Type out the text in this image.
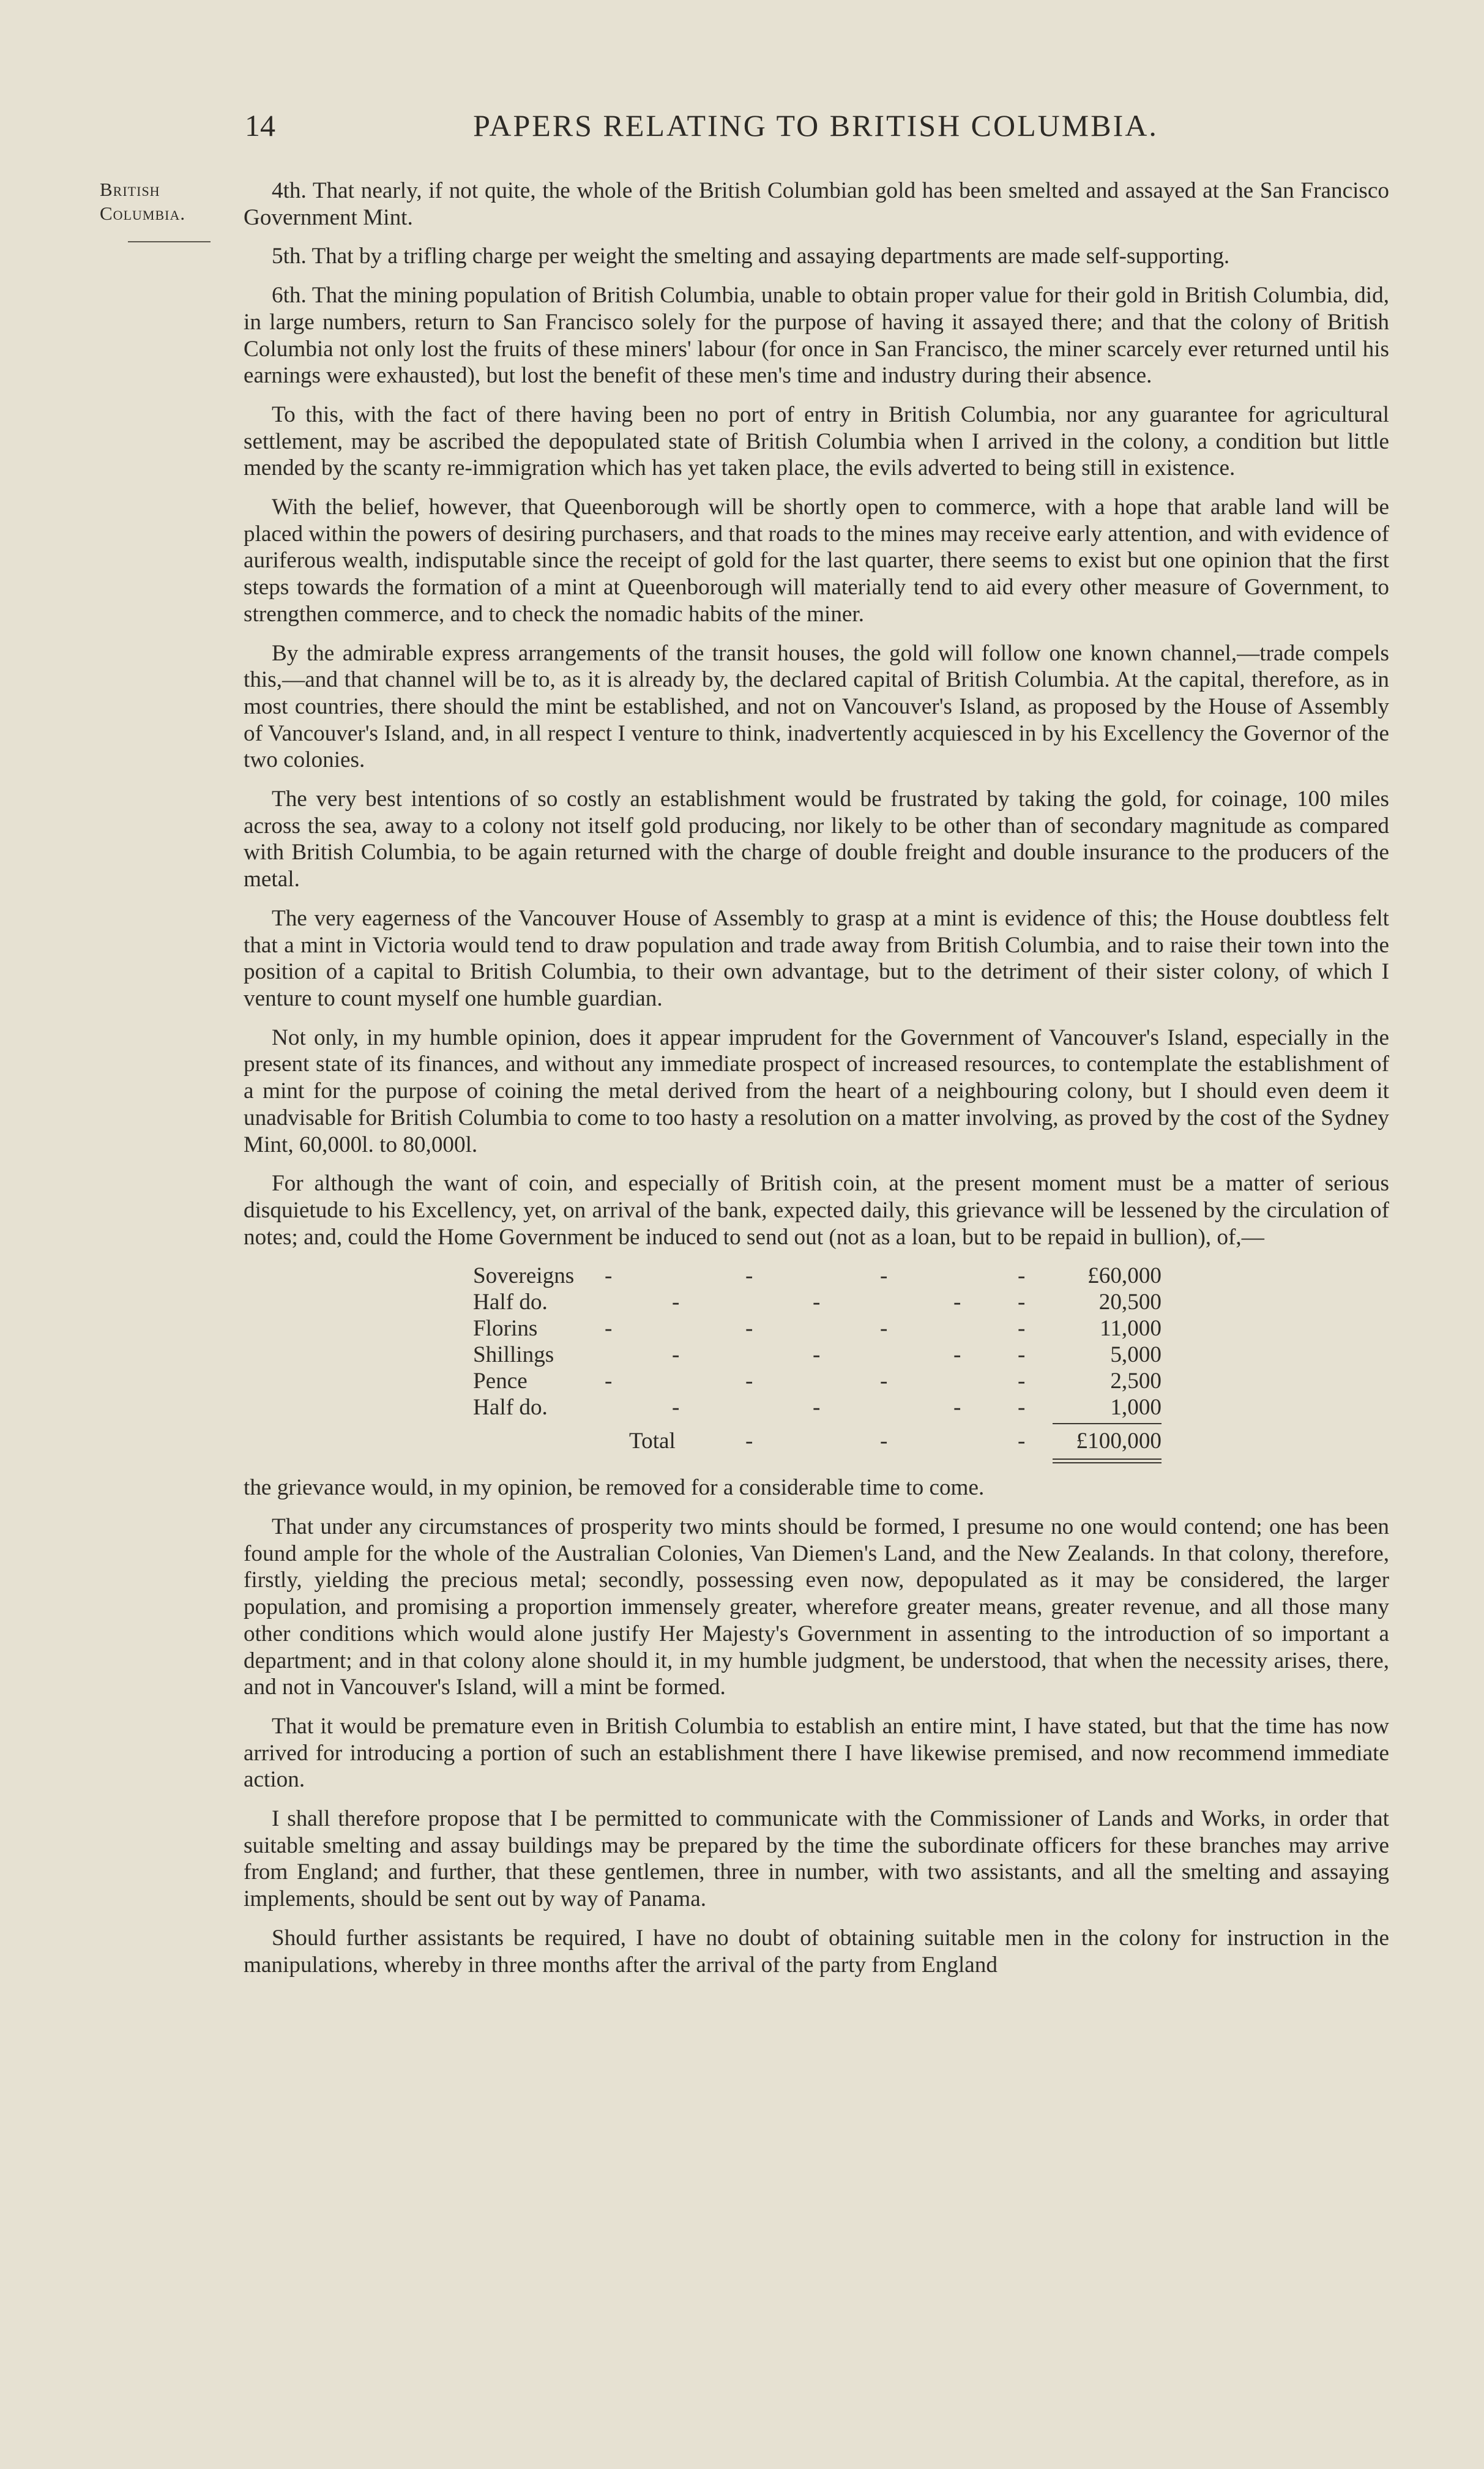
14	PAPERS RELATING TO BRITISH COLUMBIA.
British
Columbia.

4th. That nearly, if not quite, the whole of the British Columbian gold has been smelted and assayed at the San Francisco Government Mint.

5th. That by a trifling charge per weight the smelting and assaying departments are made self-supporting.

6th. That the mining population of British Columbia, unable to obtain proper value for their gold in British Columbia, did, in large numbers, return to San Francisco solely for the purpose of having it assayed there; and that the colony of British Columbia not only lost the fruits of these miners' labour (for once in San Francisco, the miner scarcely ever returned until his earnings were exhausted), but lost the benefit of these men's time and industry during their absence.

To this, with the fact of there having been no port of entry in British Columbia, nor any guarantee for agricultural settlement, may be ascribed the depopulated state of British Columbia when I arrived in the colony, a condition but little mended by the scanty re-immigration which has yet taken place, the evils adverted to being still in existence.

With the belief, however, that Queenborough will be shortly open to commerce, with a hope that arable land will be placed within the powers of desiring purchasers, and that roads to the mines may receive early attention, and with evidence of auriferous wealth, indisputable since the receipt of gold for the last quarter, there seems to exist but one opinion that the first steps towards the formation of a mint at Queenborough will materially tend to aid every other measure of Government, to strengthen commerce, and to check the nomadic habits of the miner.

By the admirable express arrangements of the transit houses, the gold will follow one known channel,—trade compels this,—and that channel will be to, as it is already by, the declared capital of British Columbia. At the capital, therefore, as in most countries, there should the mint be established, and not on Vancouver's Island, as proposed by the House of Assembly of Vancouver's Island, and, in all respect I venture to think, inadvertently acquiesced in by his Excellency the Governor of the two colonies.

The very best intentions of so costly an establishment would be frustrated by taking the gold, for coinage, 100 miles across the sea, away to a colony not itself gold producing, nor likely to be other than of secondary magnitude as compared with British Columbia, to be again returned with the charge of double freight and double insurance to the producers of the metal.

The very eagerness of the Vancouver House of Assembly to grasp at a mint is evidence of this; the House doubtless felt that a mint in Victoria would tend to draw population and trade away from British Columbia, and to raise their town into the position of a capital to British Columbia, to their own advantage, but to the detriment of their sister colony, of which I venture to count myself one humble guardian.

Not only, in my humble opinion, does it appear imprudent for the Government of Vancouver's Island, especially in the present state of its finances, and without any immediate prospect of increased resources, to contemplate the establishment of a mint for the purpose of coining the metal derived from the heart of a neighbouring colony, but I should even deem it unadvisable for British Columbia to come to too hasty a resolution on a matter involving, as proved by the cost of the Sydney Mint, 60,000l. to 80,000l.

For although the want of coin, and especially of British coin, at the present moment must be a matter of serious disquietude to his Excellency, yet, on arrival of the bank, expected daily, this grievance will be lessened by the circulation of notes; and, could the Home Government be induced to send out (not as a loan, but to be repaid in bullion), of,—

Sovereigns -	-	-	-	£60,000
Half do.	-	-	- -	20,500
Florins	-	-	-	-	11,000
Shillings	-	-	- -	5,000
Pence	-	-	-	-	2,500
Half do.	-	-	- -	1,000
Total	-	-	-	£100,000

the grievance would, in my opinion, be removed for a considerable time to come.

That under any circumstances of prosperity two mints should be formed, I presume no one would contend; one has been found ample for the whole of the Australian Colonies, Van Diemen's Land, and the New Zealands. In that colony, therefore, firstly, yielding the precious metal; secondly, possessing even now, depopulated as it may be considered, the larger population, and promising a proportion immensely greater, wherefore greater means, greater revenue, and all those many other conditions which would alone justify Her Majesty's Government in assenting to the introduction of so important a department; and in that colony alone should it, in my humble judgment, be understood, that when the necessity arises, there, and not in Vancouver's Island, will a mint be formed.

That it would be premature even in British Columbia to establish an entire mint, I have stated, but that the time has now arrived for introducing a portion of such an establishment there I have likewise premised, and now recommend immediate action.

I shall therefore propose that I be permitted to communicate with the Commissioner of Lands and Works, in order that suitable smelting and assay buildings may be prepared by the time the subordinate officers for these branches may arrive from England; and further, that these gentlemen, three in number, with two assistants, and all the smelting and assaying implements, should be sent out by way of Panama.

Should further assistants be required, I have no doubt of obtaining suitable men in the colony for instruction in the manipulations, whereby in three months after the arrival of the party from England
